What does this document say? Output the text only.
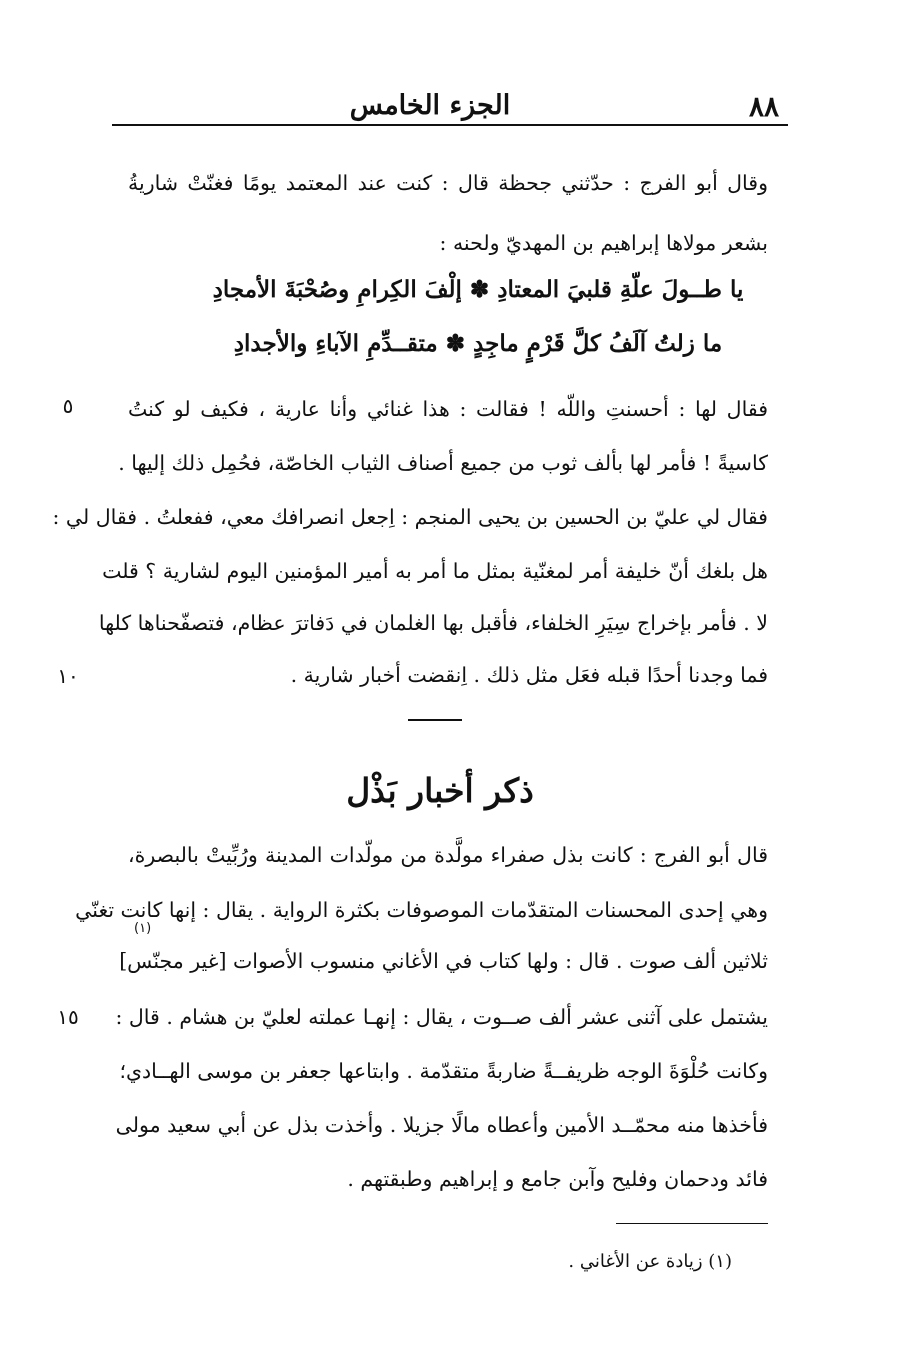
الجزء الخامس	٨٨
وقال أبو الفرج : حدّثني جحظة قال : كنت عند المعتمد يومًا فغنّتْ شاريةُ
بشعر مولاها إبراهيم بن المهديّ ولحنه :
يا طــولَ علّةِ قلبيَ المعتادِ ✽ إلْفَ الكِرامِ وصُحْبَةَ الأمجادِ
ما زلتُ آلَفُ كلَّ قَرْمٍ ماجِدٍ ✽ متقــدِّمِ الآباءِ والأجدادِ
فقال لها : أحسنتِ واللّه ! فقالت : هذا غنائي وأنا عارية ، فكيف لو كنتُ
كاسيةً ! فأمر لها بألف ثوب من جميع أصناف الثياب الخاصّة، فحُمِل ذلك إليها .
فقال لي عليّ بن الحسين بن يحيى المنجم : اِجعل انصرافك معي، ففعلتُ . فقال لي :
هل بلغك أنّ خليفة أمر لمغنّية بمثل ما أمر به أمير المؤمنين اليوم لشارية ؟ قلت
لا . فأمر بإخراج سِيَرِ الخلفاء، فأقبل بها الغلمان في دَفاترَ عظام، فتصفّحناها كلها
فما وجدنا أحدًا قبله فعَل مثل ذلك . اِنقضت أخبار شارية .
٥
١٠
١٥
ذكر أخبار بَذْل
قال أبو الفرج : كانت بذل صفراء مولَّدة من مولّدات المدينة ورُبِّيتْ بالبصرة،
وهي إحدى المحسنات المتقدّمات الموصوفات بكثرة الرواية . يقال : إنها كانت تغنّي
(١)
ثلاثين ألف صوت . قال : ولها كتاب في الأغاني منسوب الأصوات [غير مجنّس]
يشتمل على آثنى عشر ألف صــوت ، يقال : إنهـا عملته لعليّ بن هشام . قال :
وكانت حُلْوَةَ الوجه ظريفــةً ضاربةً متقدّمة . وابتاعها جعفر بن موسى الهــادي؛
فأخذها منه محمّــد الأمين وأعطاه مالًا جزيلا . وأخذت بذل عن أبي سعيد مولى
فائد ودحمان وفليح وآبن جامع و إبراهيم وطبقتهم .
(١) زيادة عن الأغاني .
